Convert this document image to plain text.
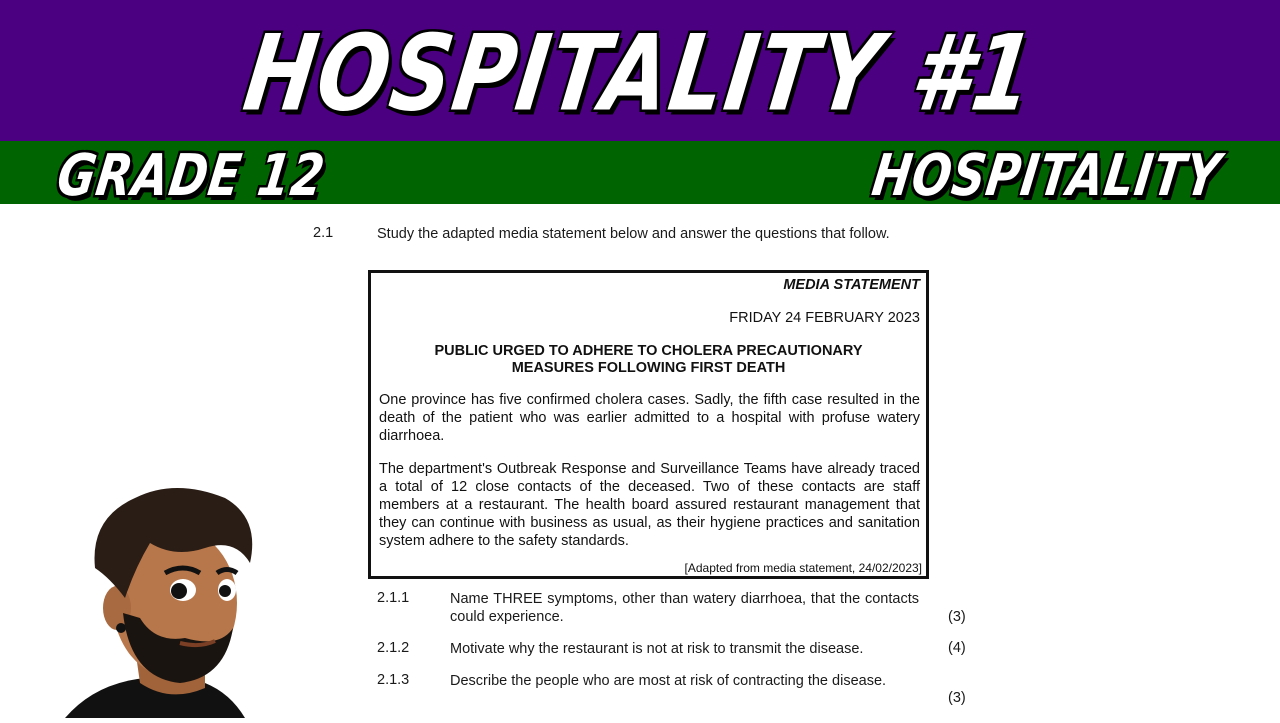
HOSPITALITY #1
GRADE 12	HOSPITALITY
2.1	Study the adapted media statement below and answer the questions that follow.
MEDIA STATEMENT
FRIDAY 24 FEBRUARY 2023
PUBLIC URGED TO ADHERE TO CHOLERA PRECAUTIONARY
MEASURES FOLLOWING FIRST DEATH
One province has five confirmed cholera cases. Sadly, the fifth case resulted in the death of the patient who was earlier admitted to a hospital with profuse watery diarrhoea.
The department's Outbreak Response and Surveillance Teams have already traced a total of 12 close contacts of the deceased. Two of these contacts are staff members at a restaurant. The health board assured restaurant management that they can continue with business as usual, as their hygiene practices and sanitation system adhere to the safety standards.
[Adapted from media statement, 24/02/2023]
2.1.1	Name THREE symptoms, other than watery diarrhoea, that the contacts could experience.	(3)
2.1.2	Motivate why the restaurant is not at risk to transmit the disease.	(4)
2.1.3	Describe the people who are most at risk of contracting the disease.
(3)
